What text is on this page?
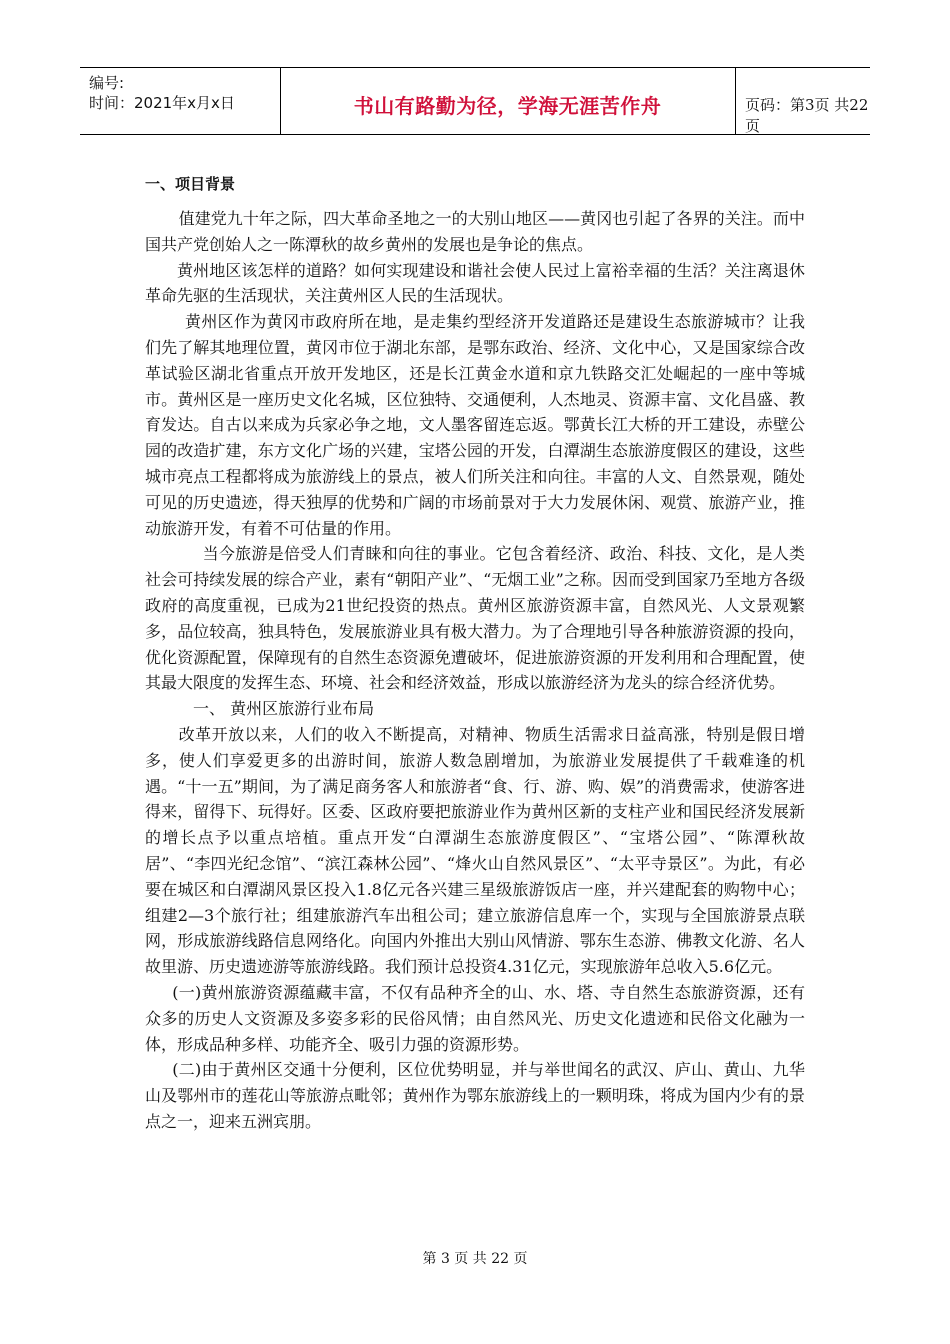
编号:
时间：2021年x月x日	书山有路勤为径，学海无涯苦作舟	页码：第3页 共22页
一、项目背景

值建党九十年之际，四大革命圣地之一的大别山地区——黄冈也引起了各界的关注。而中国共产党创始人之一陈潭秋的故乡黄州的发展也是争论的焦点。

黄州地区该怎样的道路？如何实现建设和谐社会使人民过上富裕幸福的生活？关注离退休革命先驱的生活现状，关注黄州区人民的生活现状。

黄州区作为黄冈市政府所在地，是走集约型经济开发道路还是建设生态旅游城市？让我们先了解其地理位置，黄冈市位于湖北东部，是鄂东政治、经济、文化中心，又是国家综合改革试验区湖北省重点开放开发地区，还是长江黄金水道和京九铁路交汇处崛起的一座中等城市。黄州区是一座历史文化名城，区位独特、交通便利，人杰地灵、资源丰富、文化昌盛、教育发达。自古以来成为兵家必争之地，文人墨客留连忘返。鄂黄长江大桥的开工建设，赤壁公园的改造扩建，东方文化广场的兴建，宝塔公园的开发，白潭湖生态旅游度假区的建设，这些城市亮点工程都将成为旅游线上的景点，被人们所关注和向往。丰富的人文、自然景观，随处可见的历史遗迹，得天独厚的优势和广阔的市场前景对于大力发展休闲、观赏、旅游产业，推动旅游开发，有着不可估量的作用。

当今旅游是倍受人们青睐和向往的事业。它包含着经济、政治、科技、文化，是人类社会可持续发展的综合产业，素有“朝阳产业”、“无烟工业”之称。因而受到国家乃至地方各级政府的高度重视，已成为21世纪投资的热点。黄州区旅游资源丰富，自然风光、人文景观繁多，品位较高，独具特色，发展旅游业具有极大潜力。为了合理地引导各种旅游资源的投向，优化资源配置，保障现有的自然生态资源免遭破坏，促进旅游资源的开发利用和合理配置，使其最大限度的发挥生态、环境、社会和经济效益，形成以旅游经济为龙头的综合经济优势。

一、 黄州区旅游行业布局

改革开放以来，人们的收入不断提高，对精神、物质生活需求日益高涨，特别是假日增多，使人们享爱更多的出游时间，旅游人数急剧增加，为旅游业发展提供了千载难逢的机遇。“十一五”期间，为了满足商务客人和旅游者“食、行、游、购、娱”的消费需求，使游客进得来，留得下、玩得好。区委、区政府要把旅游业作为黄州区新的支柱产业和国民经济发展新的增长点予以重点培植。重点开发“白潭湖生态旅游度假区”、“宝塔公园”、“陈潭秋故居”、“李四光纪念馆”、“滨江森林公园”、“烽火山自然风景区”、“太平寺景区”。为此，有必要在城区和白潭湖风景区投入1.8亿元各兴建三星级旅游饭店一座，并兴建配套的购物中心；组建2—3个旅行社；组建旅游汽车出租公司；建立旅游信息库一个，实现与全国旅游景点联网，形成旅游线路信息网络化。向国内外推出大别山风情游、鄂东生态游、佛教文化游、名人故里游、历史遗迹游等旅游线路。我们预计总投资4.31亿元，实现旅游年总收入5.6亿元。

(一)黄州旅游资源蕴藏丰富，不仅有品种齐全的山、水、塔、寺自然生态旅游资源，还有众多的历史人文资源及多姿多彩的民俗风情；由自然风光、历史文化遗迹和民俗文化融为一体，形成品种多样、功能齐全、吸引力强的资源形势。

(二)由于黄州区交通十分便利，区位优势明显，并与举世闻名的武汉、庐山、黄山、九华山及鄂州市的莲花山等旅游点毗邻；黄州作为鄂东旅游线上的一颗明珠，将成为国内少有的景点之一，迎来五洲宾朋。

第 3 页 共 22 页
